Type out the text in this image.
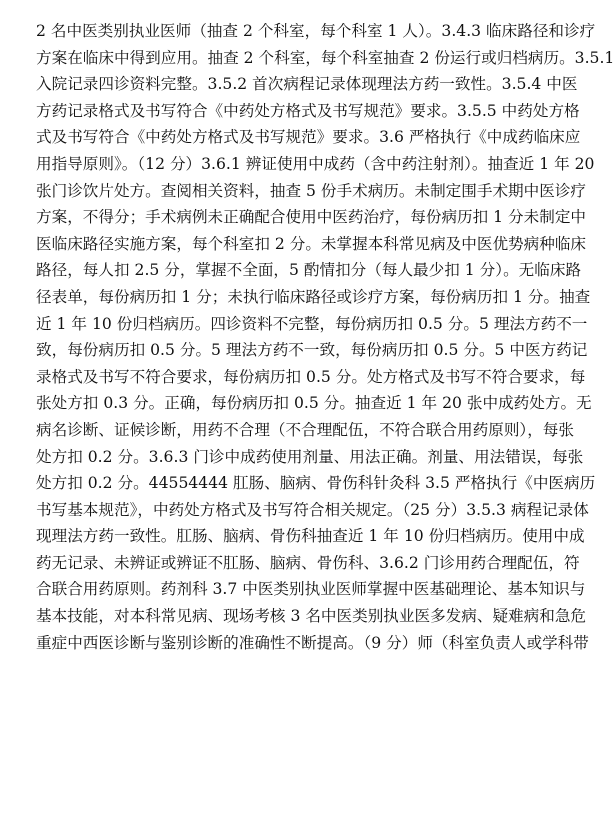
2 名中医类别执业医师（抽查 2 个科室，每个科室 1 人）。3.4.3 临床路径和诊疗
方案在临床中得到应用。抽查 2 个科室，每个科室抽查 2 份运行或归档病历。3.5.1
入院记录四诊资料完整。3.5.2 首次病程记录体现理法方药一致性。3.5.4 中医
方药记录格式及书写符合《中药处方格式及书写规范》要求。3.5.5 中药处方格
式及书写符合《中药处方格式及书写规范》要求。3.6 严格执行《中成药临床应
用指导原则》。（12 分）3.6.1 辨证使用中成药（含中药注射剂）。抽查近 1 年 20
张门诊饮片处方。查阅相关资料，抽查 5 份手术病历。未制定围手术期中医诊疗
方案，不得分；手术病例未正确配合使用中医药治疗，每份病历扣 1 分未制定中
医临床路径实施方案，每个科室扣 2 分。未掌握本科常见病及中医优势病种临床
路径，每人扣 2.5 分，掌握不全面，5 酌情扣分（每人最少扣 1 分）。无临床路
径表单，每份病历扣 1 分；未执行临床路径或诊疗方案，每份病历扣 1 分。抽查
近 1 年 10 份归档病历。四诊资料不完整，每份病历扣 0.5 分。5 理法方药不一
致，每份病历扣 0.5 分。5 理法方药不一致，每份病历扣 0.5 分。5 中医方药记
录格式及书写不符合要求，每份病历扣 0.5 分。处方格式及书写不符合要求，每
张处方扣 0.3 分。正确，每份病历扣 0.5 分。抽查近 1 年 20 张中成药处方。无
病名诊断、证候诊断，用药不合理（不合理配伍，不符合联合用药原则），每张
处方扣 0.2 分。3.6.3 门诊中成药使用剂量、用法正确。剂量、用法错误，每张
处方扣 0.2 分。44554444 肛肠、脑病、骨伤科针灸科 3.5 严格执行《中医病历
书写基本规范》，中药处方格式及书写符合相关规定。（25 分）3.5.3 病程记录体
现理法方药一致性。肛肠、脑病、骨伤科抽查近 1 年 10 份归档病历。使用中成
药无记录、未辨证或辨证不肛肠、脑病、骨伤科、3.6.2 门诊用药合理配伍，符
合联合用药原则。药剂科 3.7 中医类别执业医师掌握中医基础理论、基本知识与
基本技能，对本科常见病、现场考核 3 名中医类别执业医多发病、疑难病和急危
重症中西医诊断与鉴别诊断的准确性不断提高。（9 分）师（科室负责人或学科带
